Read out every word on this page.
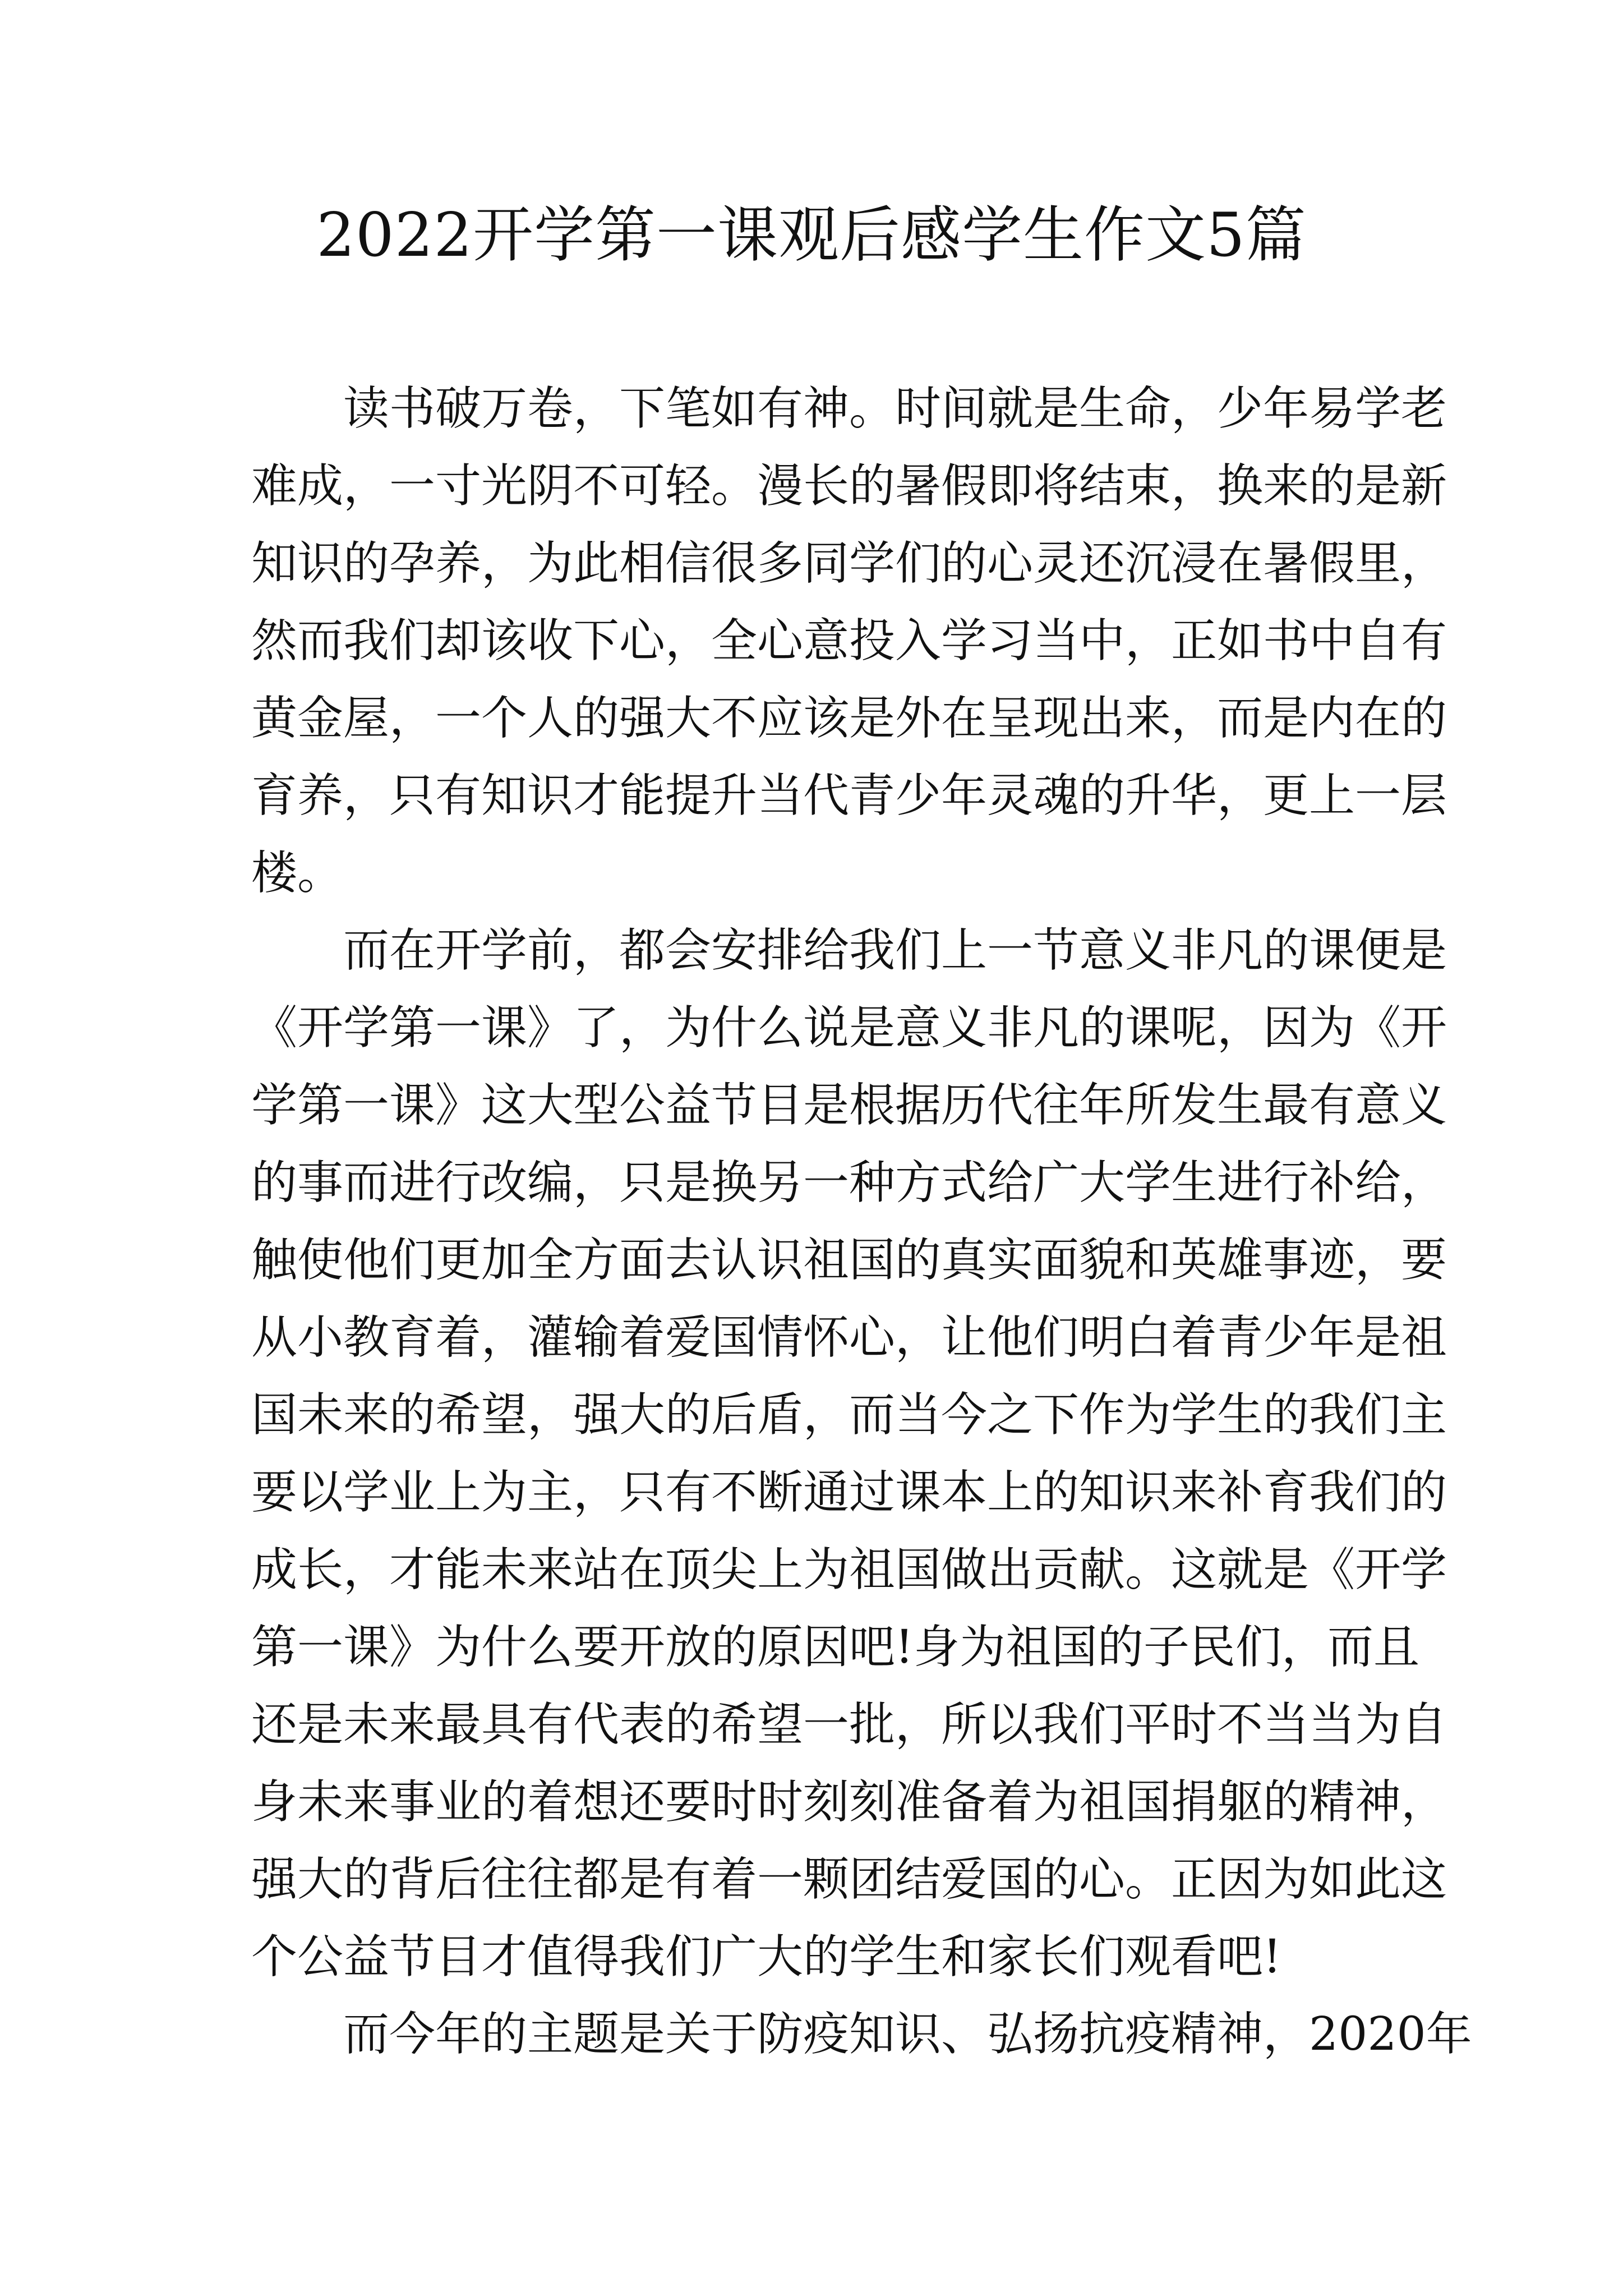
2022开学第一课观后感学生作文5篇
读书破万卷，下笔如有神。时间就是生命，少年易学老
难成，一寸光阴不可轻。漫长的暑假即将结束，换来的是新
知识的孕养，为此相信很多同学们的心灵还沉浸在暑假里，
然而我们却该收下心，全心意投入学习当中，正如书中自有
黄金屋，一个人的强大不应该是外在呈现出来，而是内在的
育养，只有知识才能提升当代青少年灵魂的升华，更上一层
楼。
而在开学前，都会安排给我们上一节意义非凡的课便是
《开学第一课》了，为什么说是意义非凡的课呢，因为《开
学第一课》这大型公益节目是根据历代往年所发生最有意义
的事而进行改编，只是换另一种方式给广大学生进行补给，
触使他们更加全方面去认识祖国的真实面貌和英雄事迹，要
从小教育着，灌输着爱国情怀心，让他们明白着青少年是祖
国未来的希望，强大的后盾，而当今之下作为学生的我们主
要以学业上为主，只有不断通过课本上的知识来补育我们的
成长，才能未来站在顶尖上为祖国做出贡献。这就是《开学
第一课》为什么要开放的原因吧!身为祖国的子民们，而且
还是未来最具有代表的希望一批，所以我们平时不当当为自
身未来事业的着想还要时时刻刻准备着为祖国捐躯的精神，
强大的背后往往都是有着一颗团结爱国的心。正因为如此这
个公益节目才值得我们广大的学生和家长们观看吧!
而今年的主题是关于防疫知识、弘扬抗疫精神，2020年
